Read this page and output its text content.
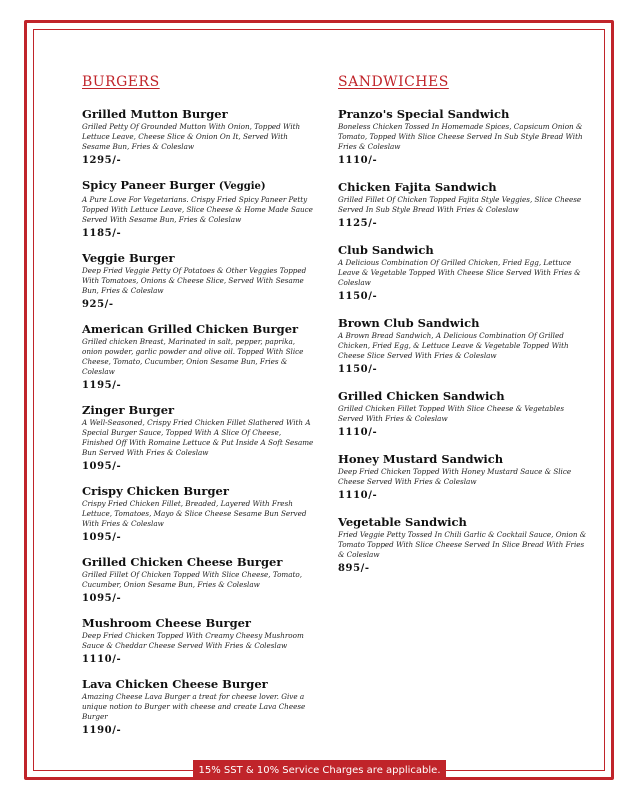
BURGERS

Grilled Mutton Burger

Grilled Petty Of Grounded Mutton With Onion, Topped With Lettuce Leave, Cheese Slice & Onion On It, Served With Sesame Bun, Fries & Coleslaw

1295/-

Spicy Paneer Burger (Veggie)

A Pure Love For Vegetarians. Crispy Fried Spicy Paneer Petty Topped With Lettuce Leave, Slice Cheese & Home Made Sauce Served With Sesame Bun, Fries & Coleslaw

1185/-

Veggie Burger

Deep Fried Veggie Petty Of Potatoes & Other Veggies Topped With Tomatoes, Onions & Cheese Slice, Served With Sesame Bun, Fries & Coleslaw

925/-

American Grilled Chicken Burger

Grilled chicken Breast, Marinated in salt, pepper, paprika, onion powder, garlic powder and olive oil. Topped With Slice Cheese, Tomato, Cucumber, Onion Sesame Bun, Fries & Coleslaw

1195/-

Zinger Burger

A Well-Seasoned, Crispy Fried Chicken Fillet Slathered With A Special Burger Sauce, Topped With A Slice Of Cheese, Finished Off With Romaine Lettuce & Put Inside A Soft Sesame Bun Served With Fries & Coleslaw

1095/-

Crispy Chicken Burger

Crispy Fried Chicken Fillet, Breaded, Layered With Fresh Lettuce, Tomatoes, Mayo & Slice Cheese Sesame Bun Served With Fries & Coleslaw

1095/-

Grilled Chicken Cheese Burger

Grilled Fillet Of Chicken Topped With Slice Cheese, Tomato, Cucumber, Onion Sesame Bun, Fries & Coleslaw

1095/-

Mushroom Cheese Burger

Deep Fried Chicken Topped With Creamy Cheesy Mushroom Sauce & Cheddar Cheese Served With Fries & Coleslaw

1110/-

Lava Chicken Cheese Burger

Amazing Cheese Lava Burger a treat for cheese lover. Give a unique notion to Burger with cheese and create Lava Cheese Burger

1190/-

SANDWICHES

Pranzo's Special Sandwich

Boneless Chicken Tossed In Homemade Spices, Capsicum Onion & Tomato, Topped With Slice Cheese Served In Sub Style Bread With Fries & Coleslaw

1110/-

Chicken Fajita Sandwich

Grilled Fillet Of Chicken Topped Fajita Style Veggies, Slice Cheese Served In Sub Style Bread With Fries & Coleslaw

1125/-

Club Sandwich

A Delicious Combination Of Grilled Chicken, Fried Egg, Lettuce Leave & Vegetable Topped With Cheese Slice Served With Fries & Coleslaw

1150/-

Brown Club Sandwich

A Brown Bread Sandwich, A Delicious Combination Of Grilled Chicken, Fried Egg, & Lettuce Leave & Vegetable Topped With Cheese Slice Served With Fries & Coleslaw

1150/-

Grilled Chicken Sandwich

Grilled Chicken Fillet Topped With Slice Cheese & Vegetables Served With Fries & Coleslaw

1110/-

Honey Mustard Sandwich

Deep Fried Chicken Topped With Honey Mustard Sauce & Slice Cheese Served With Fries & Coleslaw

1110/-

Vegetable Sandwich

Fried Veggie Petty Tossed In Chili Garlic & Cocktail Sauce, Onion & Tomato Topped With Slice Cheese Served In Slice Bread With Fries & Coleslaw

895/-

15% SST & 10% Service Charges are applicable.
